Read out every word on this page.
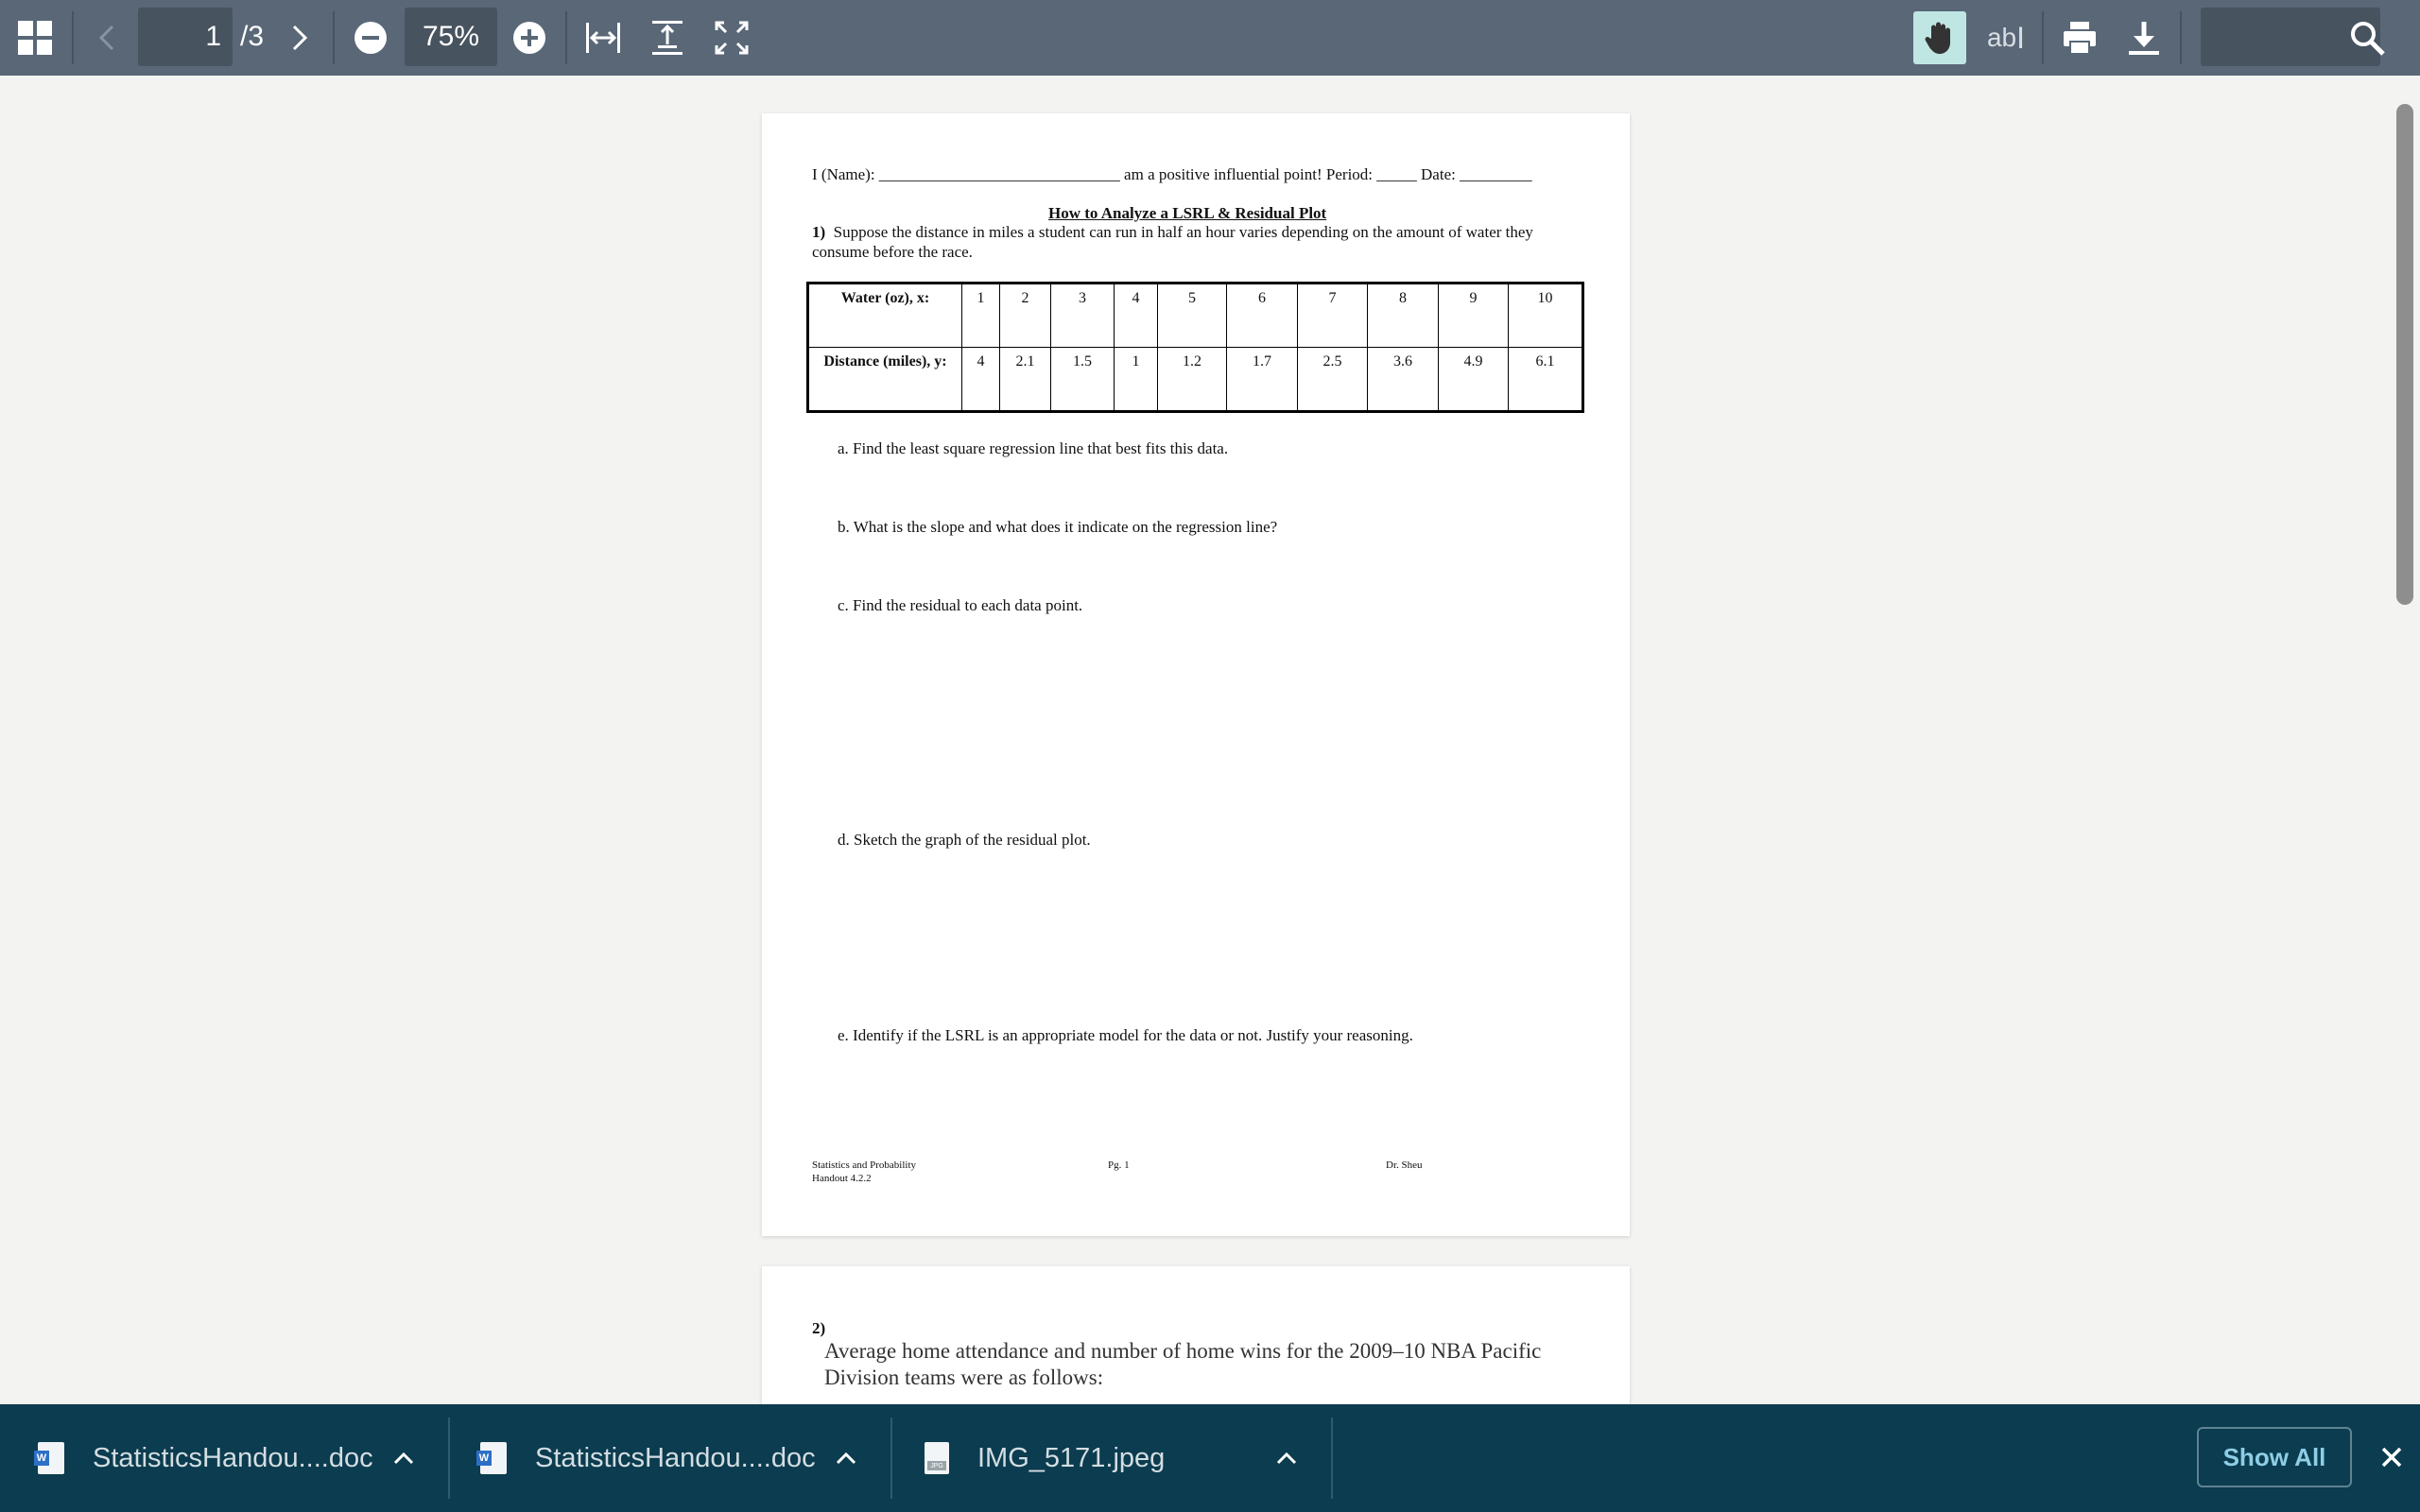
1 /3	75%	ab I
I (Name): ______________________________ am a positive influential point! Period: _____ Date: _________
How to Analyze a LSRL & Residual Plot
1) Suppose the distance in miles a student can run in half an hour varies depending on the amount of water they
consume before the race.
Water (oz), x:	1	2	3	4	5	6	7	8	9	10
Distance (miles), y:	4	2.1	1.5	1	1.2	1.7	2.5	3.6	4.9	6.1
a. Find the least square regression line that best fits this data.
b. What is the slope and what does it indicate on the regression line?
c. Find the residual to each data point.
d. Sketch the graph of the residual plot.
e. Identify if the LSRL is an appropriate model for the data or not. Justify your reasoning.
Statistics and Probability
Handout 4.2.2
Pg. 1	Dr. Sheu
2)
Average home attendance and number of home wins for the 2009–10 NBA Pacific
Division teams were as follows:
W StatisticsHandou....doc	W StatisticsHandou....doc	JPG IMG_5171.jpeg	Show All
